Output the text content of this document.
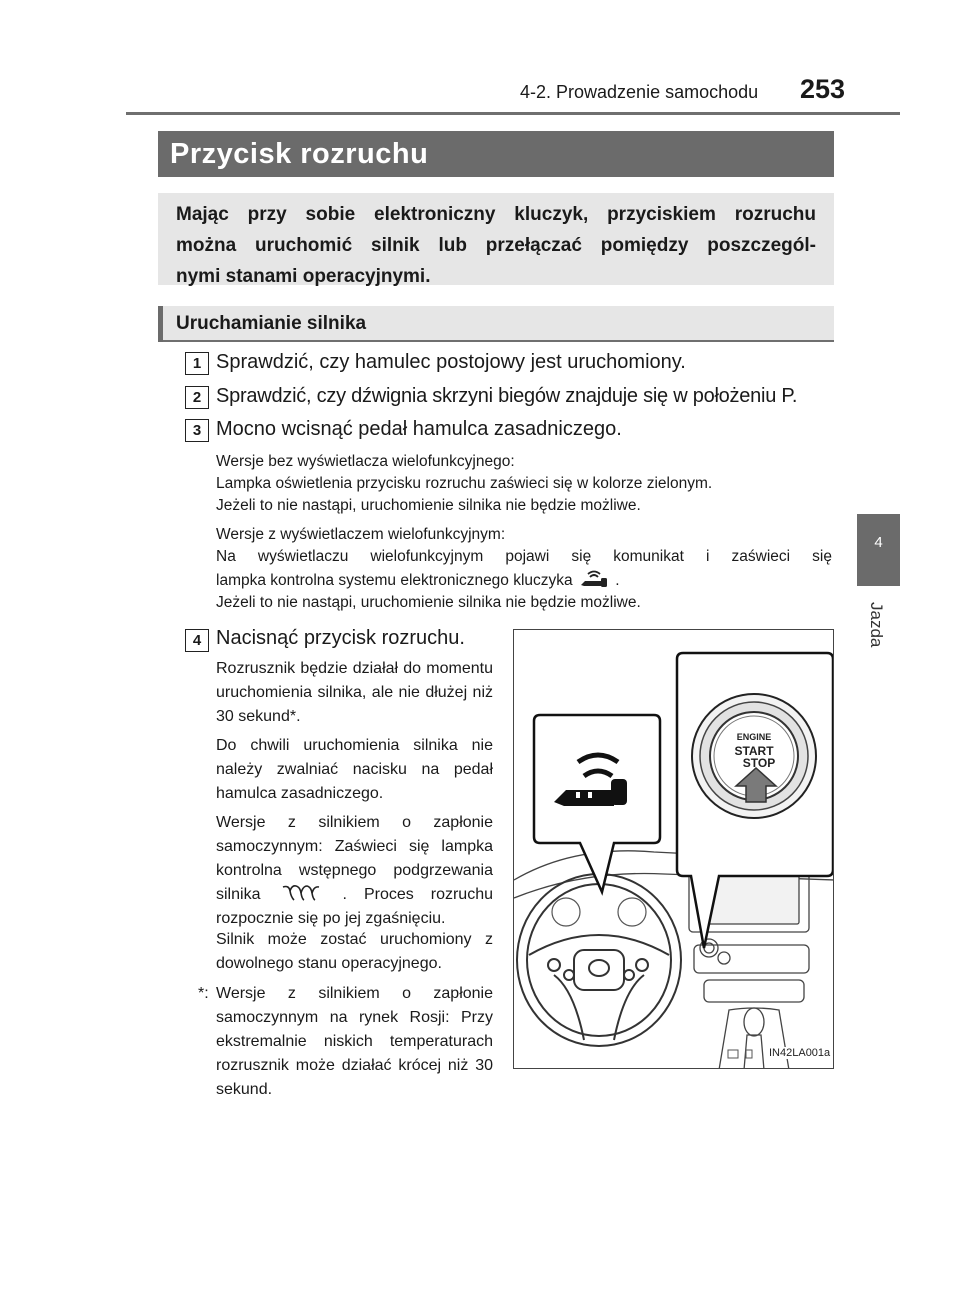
4-2. Prowadzenie samochodu 253
4
Jazda
Przycisk rozruchu
Mając przy sobie elektroniczny kluczyk, przyciskiem rozruchu
można uruchomić silnik lub przełączać pomiędzy poszczegól-
nymi stanami operacyjnymi.
Uruchamianie silnika
1 Sprawdzić, czy hamulec postojowy jest uruchomiony.
2 Sprawdzić, czy dźwignia skrzyni biegów znajduje się w położeniu P.
3 Mocno wcisnąć pedał hamulca zasadniczego.
Wersje bez wyświetlacza wielofunkcyjnego:
Lampka oświetlenia przycisku rozruchu zaświeci się w kolorze zielonym.
Jeżeli to nie nastąpi, uruchomienie silnika nie będzie możliwe.
Wersje z wyświetlaczem wielofunkcyjnym:
Na wyświetlaczu wielofunkcyjnym pojawi się komunikat i zaświeci się
lampka kontrolna systemu elektronicznego kluczyka	.
Jeżeli to nie nastąpi, uruchomienie silnika nie będzie możliwe.
4 Nacisnąć przycisk rozruchu.
Rozrusznik będzie działał do momentu uruchomienia silnika, ale nie dłużej niż 30 sekund*.
Do chwili uruchomienia silnika nie należy zwalniać nacisku na pedał hamulca zasadniczego.
Wersje z silnikiem o zapłonie samoczynnym: Zaświeci się lampka kontrolna wstępnego podgrzewania silnika	. Proces rozruchu rozpocznie się po jej zgaśnięciu.
Silnik może zostać uruchomiony z dowolnego stanu operacyjnego.
*: Wersje z silnikiem o zapłonie samoczynnym na rynek Rosji: Przy ekstremalnie niskich temperaturach rozrusznik może działać krócej niż 30 sekund.
ENGINE
START
STOP
IN42LA001a
